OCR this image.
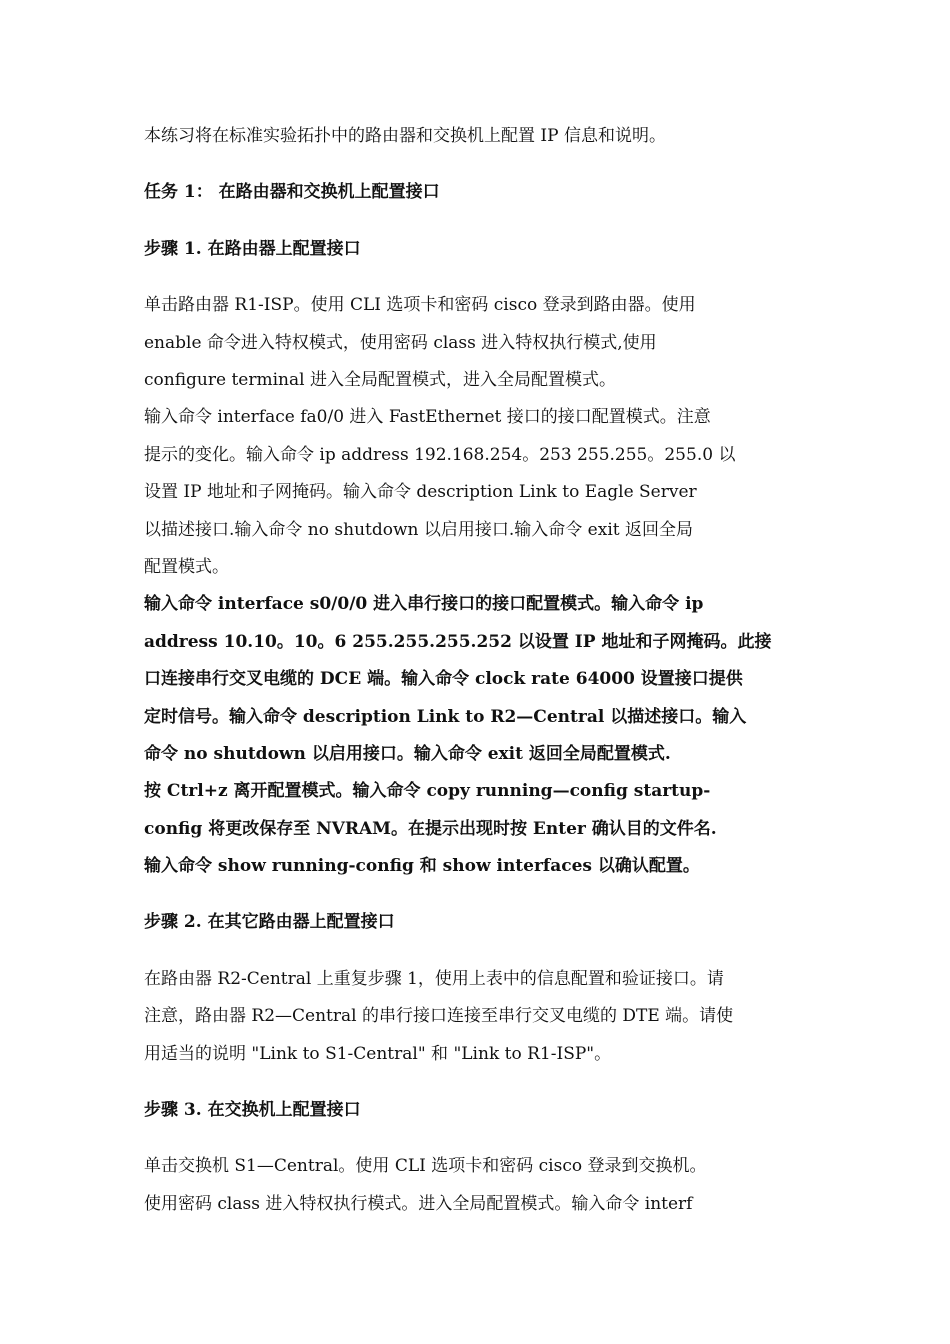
本练习将在标准实验拓扑中的路由器和交换机上配置 IP 信息和说明。

任务 1： 在路由器和交换机上配置接口

步骤 1. 在路由器上配置接口

单击路由器 R1-ISP。使用 CLI 选项卡和密码 cisco 登录到路由器。使用
enable 命令进入特权模式，使用密码 class 进入特权执行模式,使用
configure terminal 进入全局配置模式，进入全局配置模式。
输入命令 interface fa0/0 进入 FastEthernet 接口的接口配置模式。注意
提示的变化。输入命令 ip address 192.168.254。253 255.255。255.0 以
设置 IP 地址和子网掩码。输入命令 description Link to Eagle Server
以描述接口.输入命令 no shutdown 以启用接口.输入命令 exit 返回全局
配置模式。
输入命令 interface s0/0/0 进入串行接口的接口配置模式。输入命令 ip
address 10.10。10。6 255.255.255.252 以设置 IP 地址和子网掩码。此接
口连接串行交叉电缆的 DCE 端。输入命令 clock rate 64000 设置接口提供
定时信号。输入命令 description Link to R2—Central 以描述接口。输入
命令 no shutdown 以启用接口。输入命令 exit 返回全局配置模式.
按 Ctrl+z 离开配置模式。输入命令 copy running—config startup-
config 将更改保存至 NVRAM。在提示出现时按 Enter 确认目的文件名.
输入命令 show running-config 和 show interfaces 以确认配置。

步骤 2. 在其它路由器上配置接口

在路由器 R2-Central 上重复步骤 1，使用上表中的信息配置和验证接口。请
注意，路由器 R2—Central 的串行接口连接至串行交叉电缆的 DTE 端。请使
用适当的说明 "Link to S1-Central" 和 "Link to R1-ISP"。

步骤 3. 在交换机上配置接口

单击交换机 S1—Central。使用 CLI 选项卡和密码 cisco 登录到交换机。
使用密码 class 进入特权执行模式。进入全局配置模式。输入命令 interf
